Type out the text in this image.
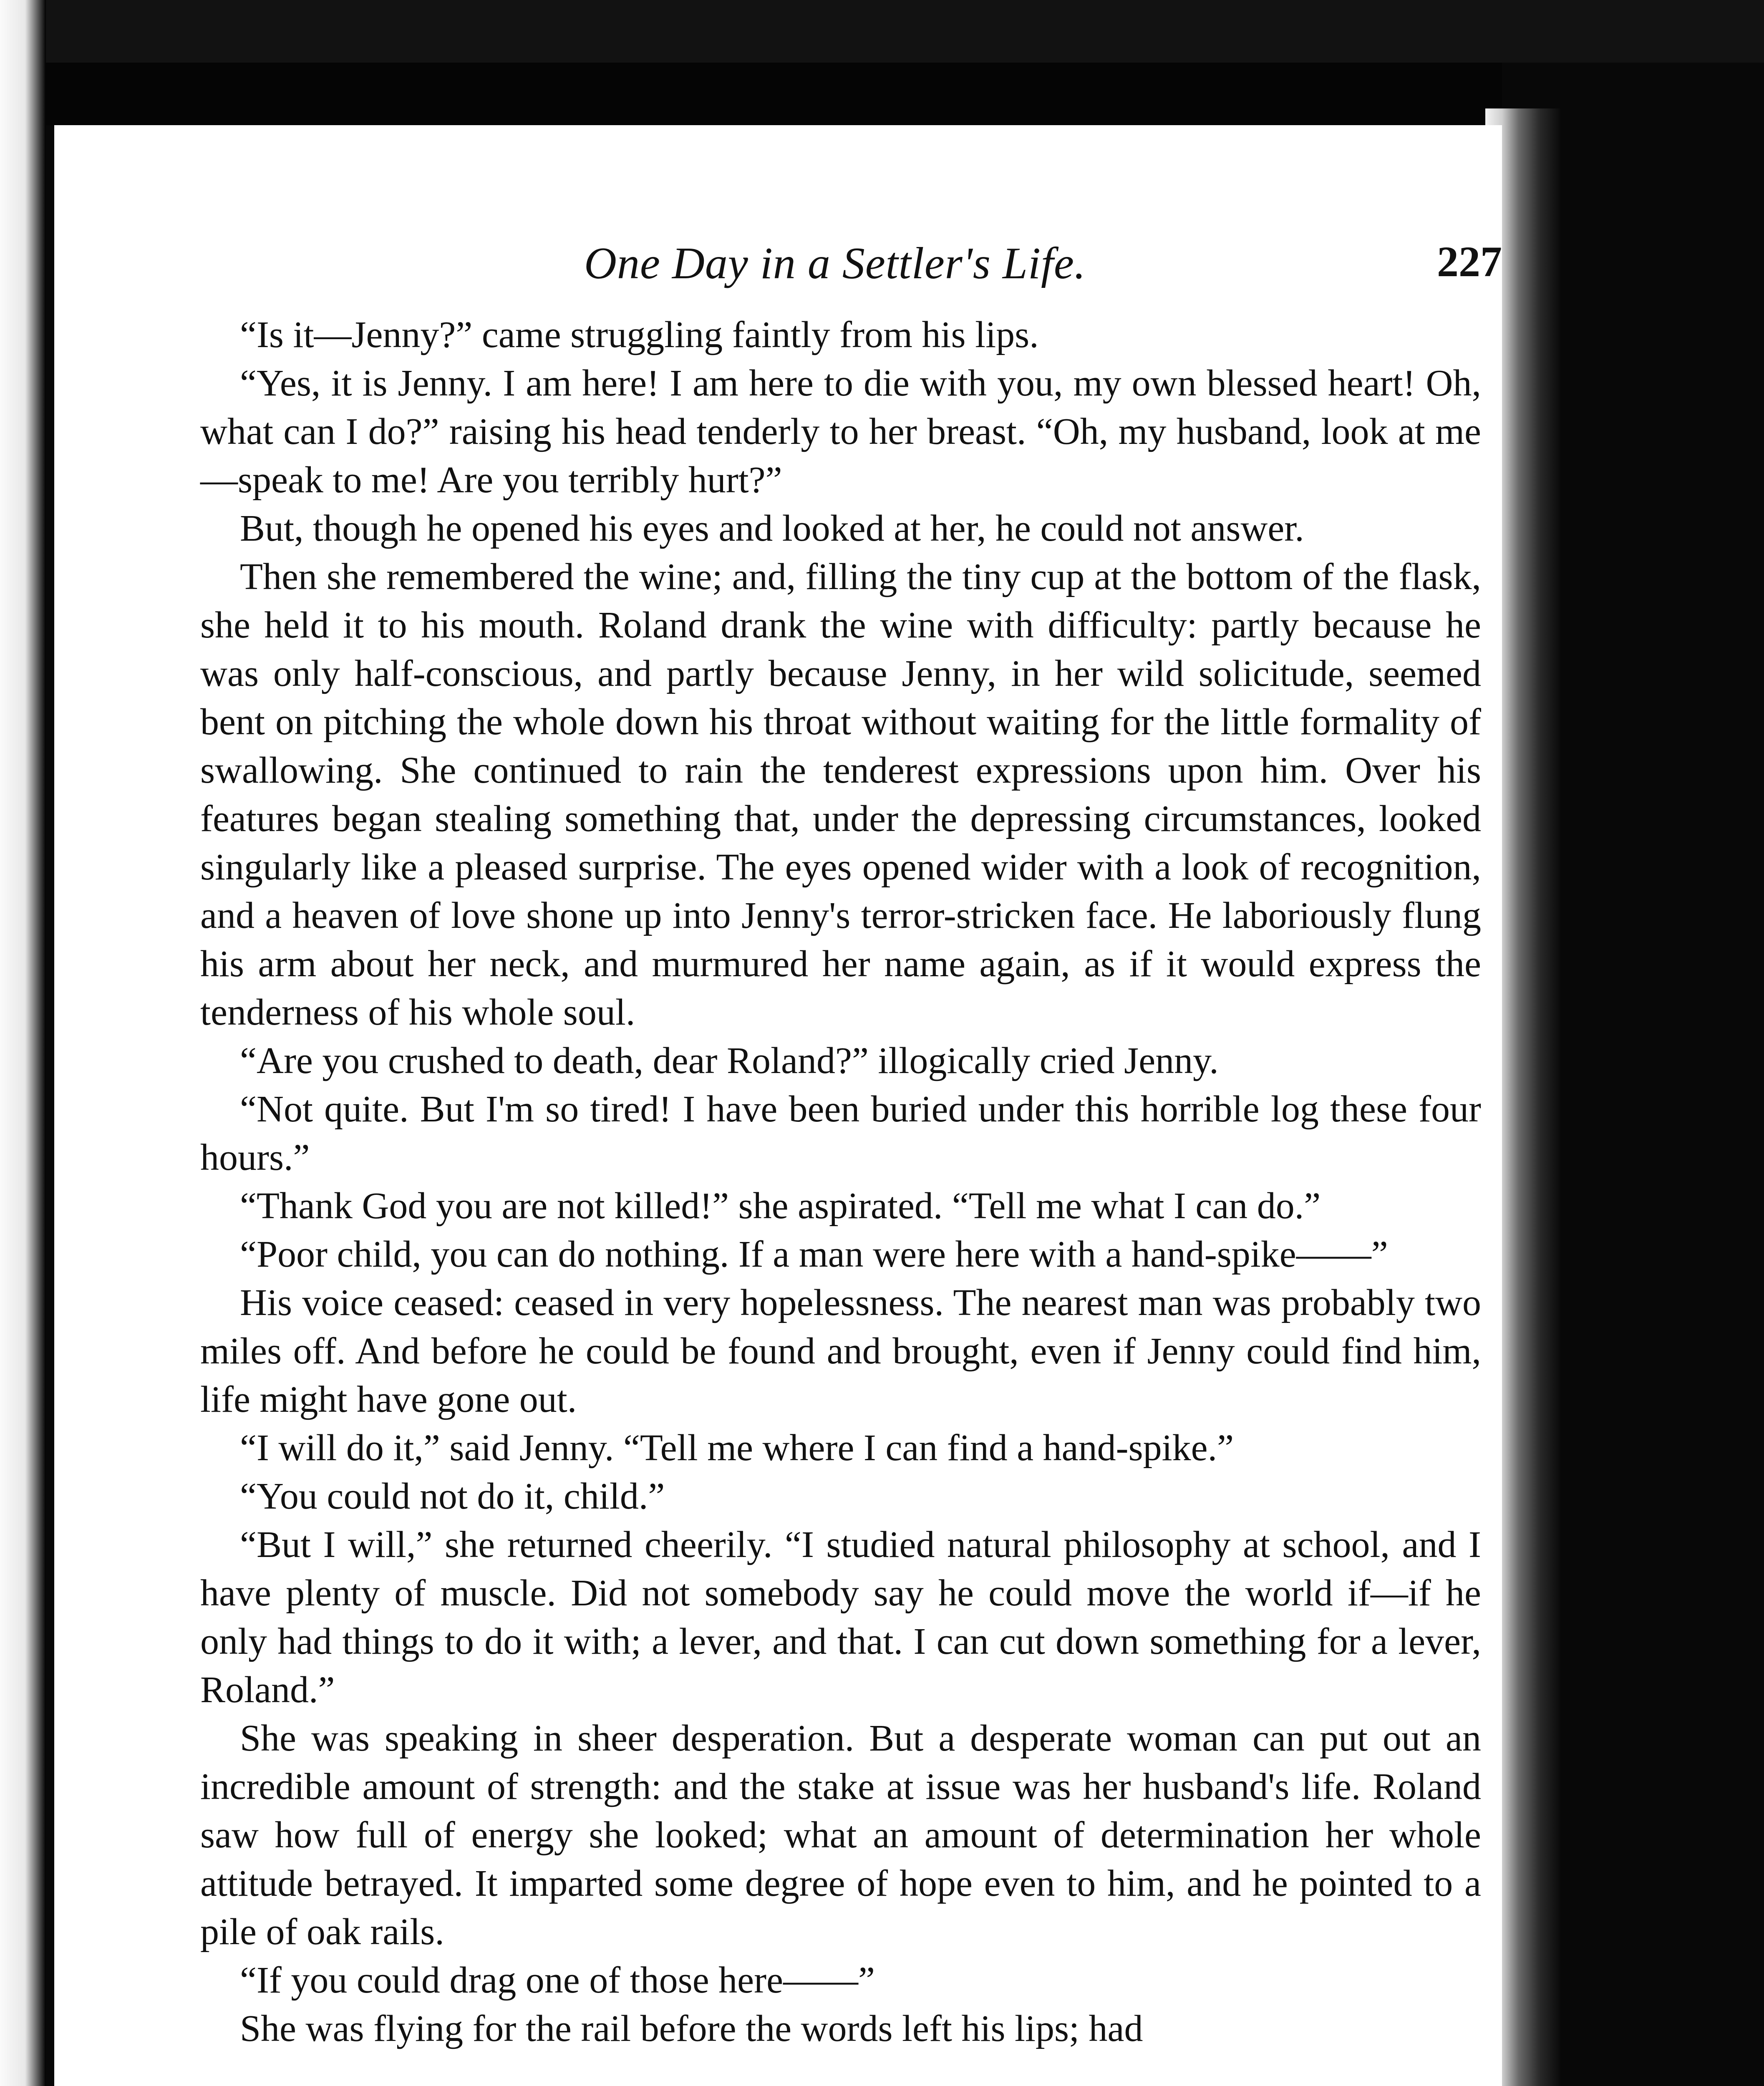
One Day in a Settler's Life.	227

“Is it—Jenny?” came struggling faintly from his lips.

“Yes, it is Jenny. I am here! I am here to die with you, my own blessed heart! Oh, what can I do?” raising his head tenderly to her breast. “Oh, my husband, look at me—speak to me! Are you terribly hurt?”

But, though he opened his eyes and looked at her, he could not answer.

Then she remembered the wine; and, filling the tiny cup at the bottom of the flask, she held it to his mouth. Roland drank the wine with difficulty: partly because he was only half-conscious, and partly because Jenny, in her wild solicitude, seemed bent on pitching the whole down his throat without waiting for the little formality of swallowing. She continued to rain the tenderest expressions upon him. Over his features began stealing something that, under the depressing circumstances, looked singularly like a pleased surprise. The eyes opened wider with a look of recognition, and a heaven of love shone up into Jenny's terror-stricken face. He laboriously flung his arm about her neck, and murmured her name again, as if it would express the tenderness of his whole soul.

“Are you crushed to death, dear Roland?” illogically cried Jenny.

“Not quite. But I'm so tired! I have been buried under this horrible log these four hours.”

“Thank God you are not killed!” she aspirated. “Tell me what I can do.”

“Poor child, you can do nothing. If a man were here with a hand-spike——”

His voice ceased: ceased in very hopelessness. The nearest man was probably two miles off. And before he could be found and brought, even if Jenny could find him, life might have gone out.

“I will do it,” said Jenny. “Tell me where I can find a hand-spike.”

“You could not do it, child.”

“But I will,” she returned cheerily. “I studied natural philosophy at school, and I have plenty of muscle. Did not somebody say he could move the world if—if he only had things to do it with; a lever, and that. I can cut down something for a lever, Roland.”

She was speaking in sheer desperation. But a desperate woman can put out an incredible amount of strength: and the stake at issue was her husband's life. Roland saw how full of energy she looked; what an amount of determination her whole attitude betrayed. It imparted some degree of hope even to him, and he pointed to a pile of oak rails.

“If you could drag one of those here——”

She was flying for the rail before the words left his lips; had
